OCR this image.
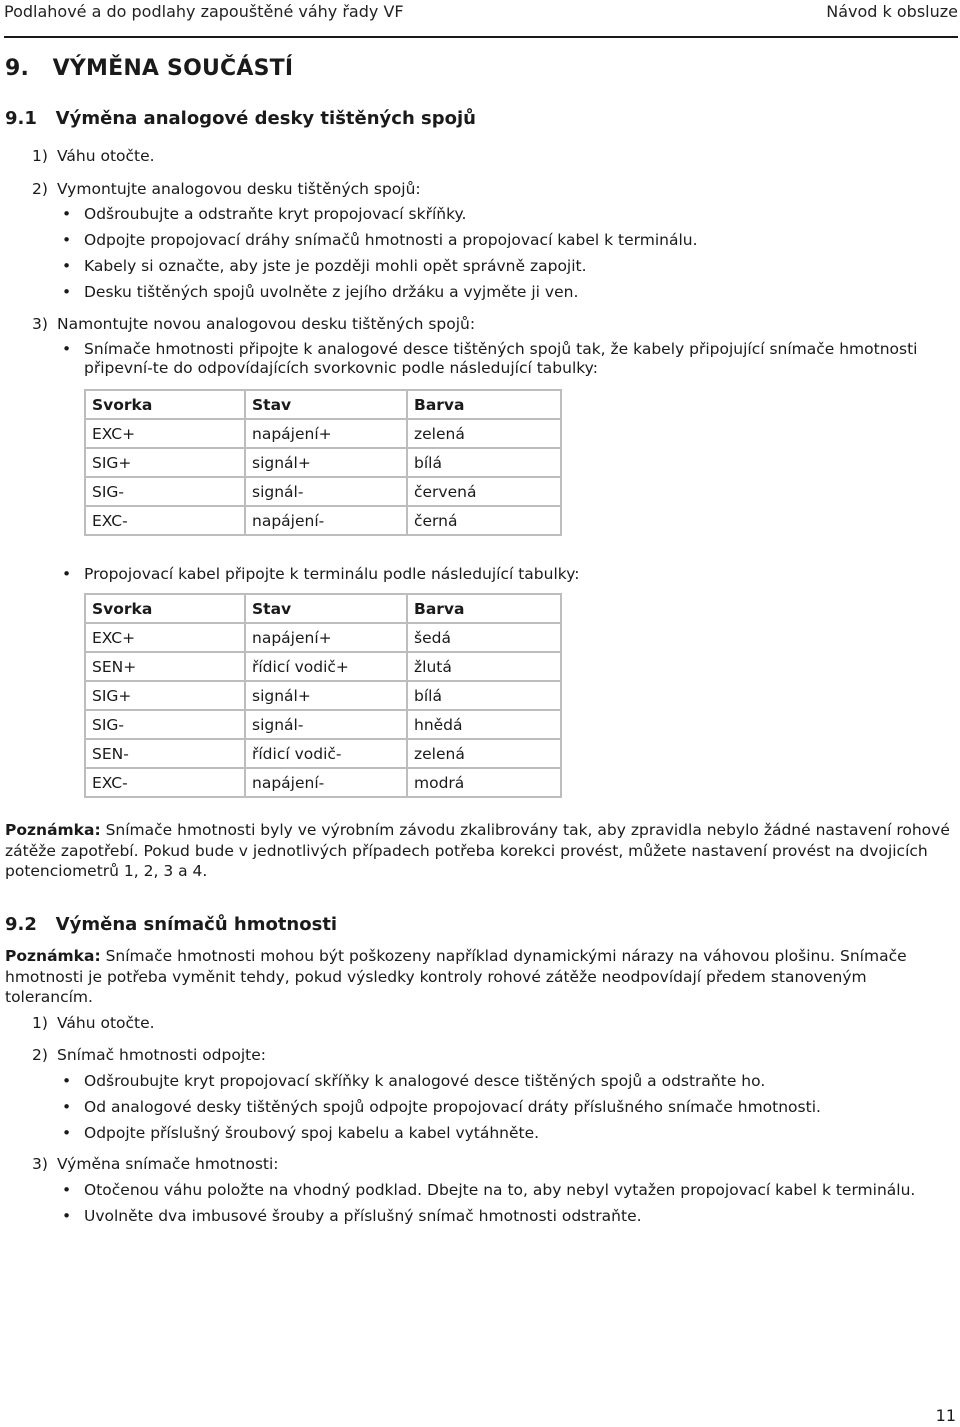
Podlahové a do podlahy zapouštěné váhy řady VF	Návod k obsluze
9.   VÝMĚNA SOUČÁSTÍ
9.1   Výměna analogové desky tištěných spojů
1) Váhu otočte.
2) Vymontujte analogovou desku tištěných spojů:
• Odšroubujte a odstraňte kryt propojovací skříňky.
• Odpojte propojovací dráhy snímačů hmotnosti a propojovací kabel k terminálu.
• Kabely si označte, aby jste je později mohli opět správně zapojit.
• Desku tištěných spojů uvolněte z jejího držáku a vyjměte ji ven.
3) Namontujte novou analogovou desku tištěných spojů:
• Snímače hmotnosti připojte k analogové desce tištěných spojů tak, že kabely připojující snímače hmotnosti připevní-te do odpovídajících svorkovnic podle následující tabulky:
Svorka	Stav	Barva
EXC+	napájení+	zelená
SIG+	signál+	bílá
SIG-	signál-	červená
EXC-	napájení-	černá
• Propojovací kabel připojte k terminálu podle následující tabulky:
Svorka	Stav	Barva
EXC+	napájení+	šedá
SEN+	řídicí vodič+	žlutá
SIG+	signál+	bílá
SIG-	signál-	hnědá
SEN-	řídicí vodič-	zelená
EXC-	napájení-	modrá
Poznámka: Snímače hmotnosti byly ve výrobním závodu zkalibrovány tak, aby zpravidla nebylo žádné nastavení rohové zátěže zapotřebí. Pokud bude v jednotlivých případech potřeba korekci provést, můžete nastavení provést na dvojicích potenciometrů 1, 2, 3 a 4.
9.2   Výměna snímačů hmotnosti
Poznámka: Snímače hmotnosti mohou být poškozeny například dynamickými nárazy na váhovou plošinu. Snímače hmotnosti je potřeba vyměnit tehdy, pokud výsledky kontroly rohové zátěže neodpovídají předem stanoveným tolerancím.
1) Váhu otočte.
2) Snímač hmotnosti odpojte:
• Odšroubujte kryt propojovací skříňky k analogové desce tištěných spojů a odstraňte ho.
• Od analogové desky tištěných spojů odpojte propojovací dráty příslušného snímače hmotnosti.
• Odpojte příslušný šroubový spoj kabelu a kabel vytáhněte.
3) Výměna snímače hmotnosti:
• Otočenou váhu položte na vhodný podklad. Dbejte na to, aby nebyl vytažen propojovací kabel k terminálu.
• Uvolněte dva imbusové šrouby a příslušný snímač hmotnosti odstraňte.
11
